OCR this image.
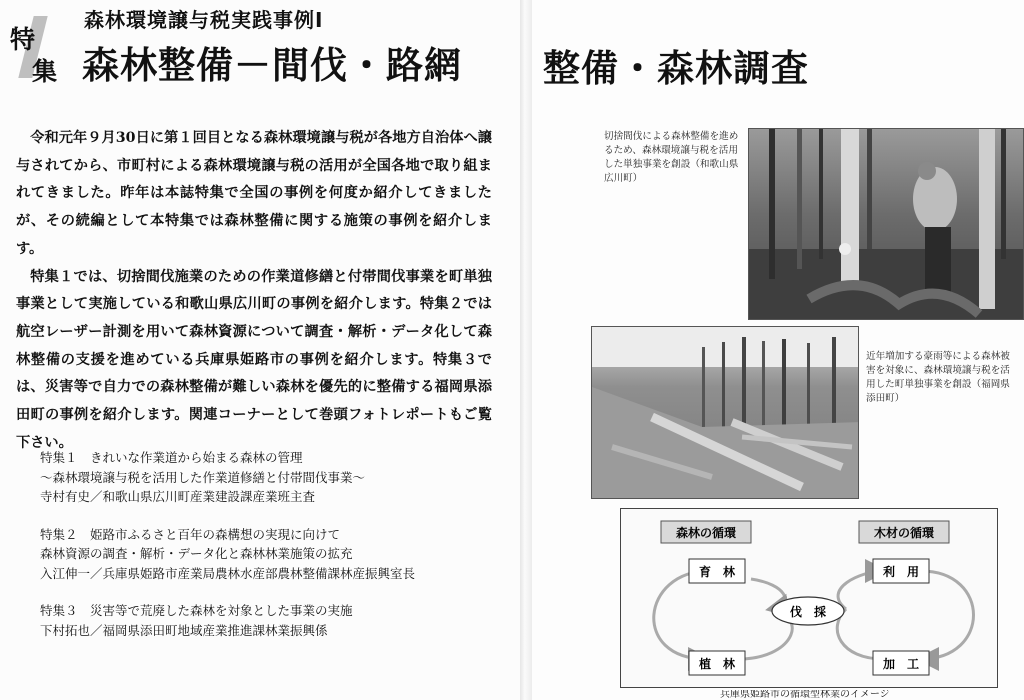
特
集
森林環境譲与税実践事例Ⅰ
森林整備－間伐・路網 整備・森林調査

令和元年９月30日に第１回目となる森林環境譲与税が各地方自治体へ譲与されてから、市町村による森林環境譲与税の活用が全国各地で取り組まれてきました。昨年は本誌特集で全国の事例を何度か紹介してきましたが、その続編として本特集では森林整備に関する施策の事例を紹介します。

特集１では、切捨間伐施業のための作業道修繕と付帯間伐事業を町単独事業として実施している和歌山県広川町の事例を紹介します。特集２では航空レーザー計測を用いて森林資源について調査・解析・データ化して森林整備の支援を進めている兵庫県姫路市の事例を紹介します。特集３では、災害等で自力での森林整備が難しい森林を優先的に整備する福岡県添田町の事例を紹介します。関連コーナーとして巻頭フォトレポートもご覧下さい。

特集１　きれいな作業道から始まる森林の管理
～森林環境譲与税を活用した作業道修繕と付帯間伐事業～
寺村有史／和歌山県広川町産業建設課産業班主査
特集２　姫路市ふるさと百年の森構想の実現に向けて
森林資源の調査・解析・データ化と森林林業施策の拡充
入江伸一／兵庫県姫路市産業局農林水産部農林整備課林産振興室長
特集３　災害等で荒廃した森林を対象とした事業の実施
下村拓也／福岡県添田町地域産業推進課林業振興係
切捨間伐による森林整備を進め
るため、森林環境譲与税を活用
した単独事業を創設（和歌山県
広川町）
近年増加する豪雨等による森林被
害を対象に、森林環境譲与税を活
用した町単独事業を創設（福岡県
添田町）
森林の循環	木材の循環
育　林
植　林
伐　採
利　用
加　工
兵庫県姫路市の循環型林業のイメージ
